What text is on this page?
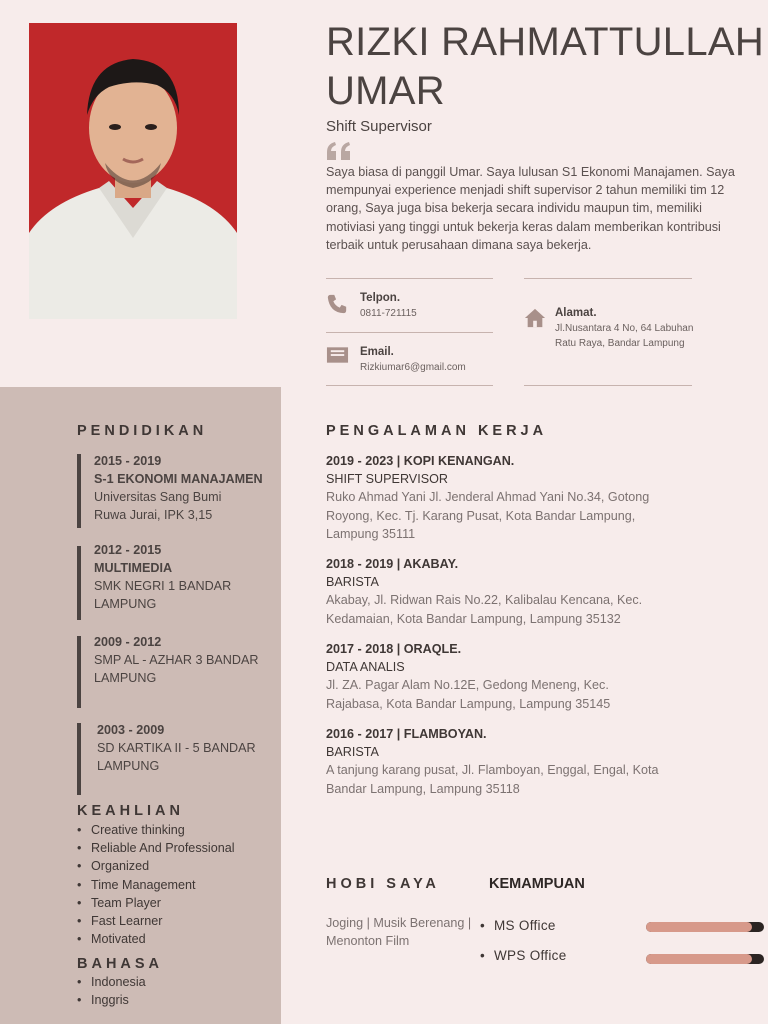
RIZKI RAHMATTULLAH UMAR
Shift Supervisor
Saya biasa di panggil Umar. Saya lulusan S1 Ekonomi Manajamen. Saya mempunyai experience menjadi shift supervisor 2 tahun memiliki tim 12 orang, Saya juga bisa bekerja secara individu maupun tim, memiliki motiviasi yang tinggi untuk bekerja keras dalam memberikan kontribusi terbaik untuk perusahaan dimana saya bekerja.
Telpon.
0811-721115
Email.
Rizkiumar6@gmail.com
Alamat.
Jl.Nusantara 4 No, 64 Labuhan Ratu Raya, Bandar Lampung
PENDIDIKAN
2015 - 2019
S-1 EKONOMI MANAJAMEN
Universitas Sang Bumi
Ruwa Jurai, IPK 3,15
2012 - 2015
MULTIMEDIA
SMK NEGRI 1 BANDAR
LAMPUNG
2009 - 2012
SMP AL - AZHAR 3 BANDAR
LAMPUNG
2003 - 2009
SD KARTIKA II - 5 BANDAR
LAMPUNG
KEAHLIAN
• Creative thinking
• Reliable And Professional
• Organized
• Time Management
• Team Player
• Fast Learner
• Motivated
BAHASA
• Indonesia
• Inggris
PENGALAMAN KERJA
2019 - 2023 | KOPI KENANGAN.
SHIFT SUPERVISOR
Ruko Ahmad Yani Jl. Jenderal Ahmad Yani No.34, Gotong Royong, Kec. Tj. Karang Pusat, Kota Bandar Lampung, Lampung 35111
2018 - 2019 | AKABAY.
BARISTA
Akabay, Jl. Ridwan Rais No.22, Kalibalau Kencana, Kec. Kedamaian, Kota Bandar Lampung, Lampung 35132
2017 - 2018 | ORAQLE.
DATA ANALIS
Jl. ZA. Pagar Alam No.12E, Gedong Meneng, Kec. Rajabasa, Kota Bandar Lampung, Lampung 35145
2016 - 2017 | FLAMBOYAN.
BARISTA
A tanjung karang pusat, Jl. Flamboyan, Enggal, Engal, Kota Bandar Lampung, Lampung 35118
HOBI SAYA
Joging | Musik Berenang | Menonton Film
KEMAMPUAN
• MS Office
• WPS Office
